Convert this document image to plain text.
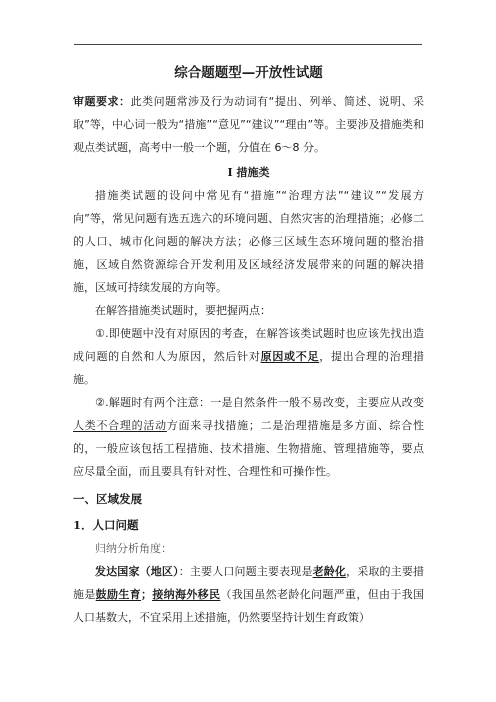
综合题题型—开放性试题

审题要求：此类问题常涉及行为动词有“提出、列举、简述、说明、采取”等，中心词一般为“措施”“意见”“建议”“理由”等。主要涉及措施类和观点类试题，高考中一般一个题，分值在 6～8 分。

Ⅰ 措施类

措施类试题的设问中常见有“措施”“治理方法”“建议”“发展方向”等，常见问题有选五选六的环境问题、自然灾害的治理措施；必修二的人口、城市化问题的解决方法；必修三区域生态环境问题的整治措施，区域自然资源综合开发利用及区域经济发展带来的问题的解决措施，区域可持续发展的方向等。

在解答措施类试题时，要把握两点：

①.即使题中没有对原因的考查，在解答该类试题时也应该先找出造成问题的自然和人为原因，然后针对原因或不足，提出合理的治理措施。

②.解题时有两个注意：一是自然条件一般不易改变，主要应从改变人类不合理的活动方面来寻找措施；二是治理措施是多方面、综合性的，一般应该包括工程措施、技术措施、生物措施、管理措施等，要点应尽量全面，而且要具有针对性、合理性和可操作性。

一、区域发展

1．人口问题

归纳分析角度：

发达国家（地区）：主要人口问题主要表现是老龄化，采取的主要措施是鼓励生育；接纳海外移民（我国虽然老龄化问题严重，但由于我国人口基数大，不宜采用上述措施，仍然要坚持计划生育政策）
